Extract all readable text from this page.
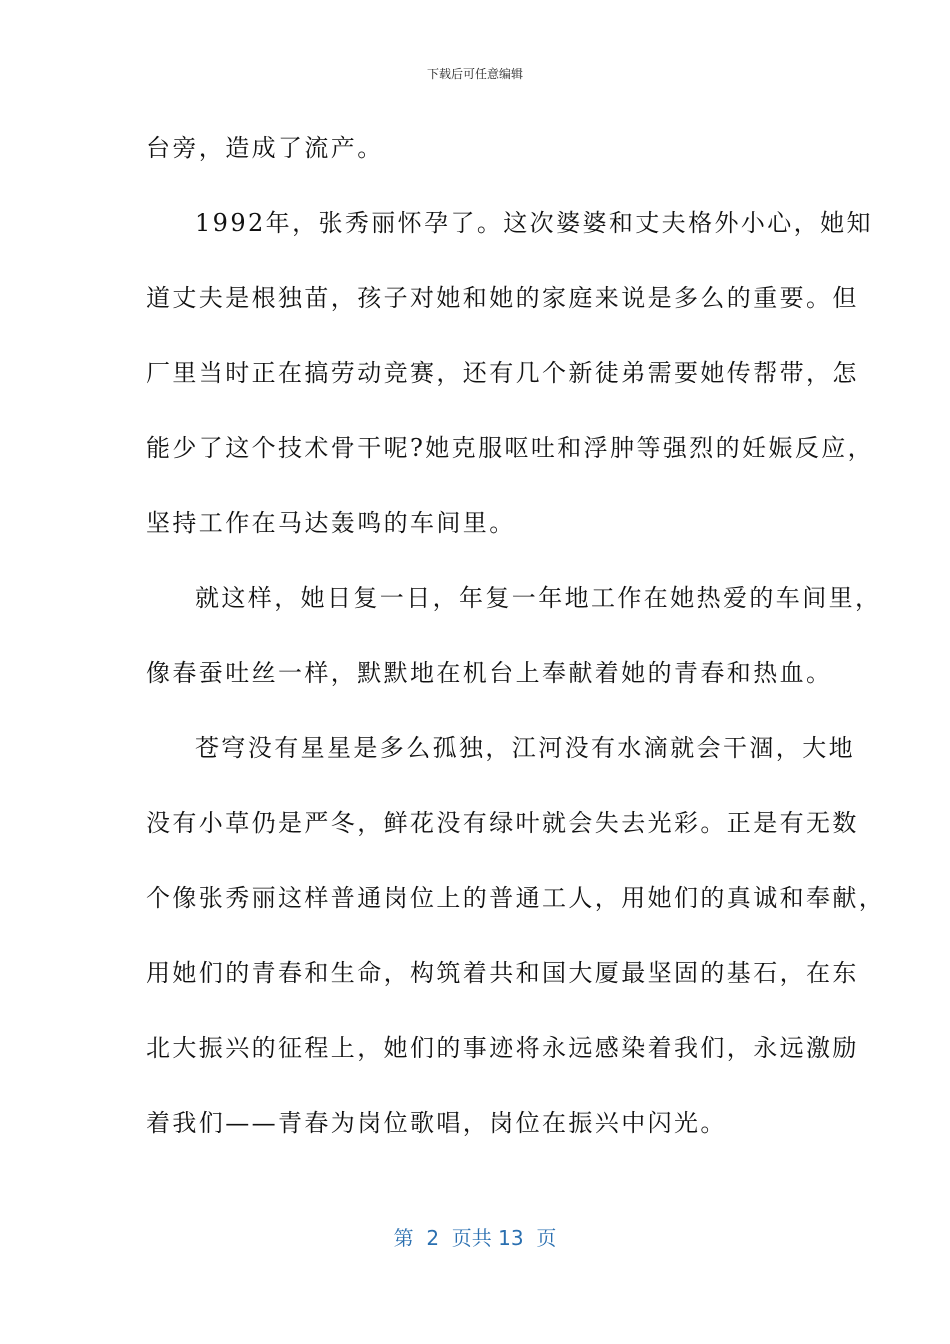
下载后可任意编辑
台旁，造成了流产。
1992年，张秀丽怀孕了。这次婆婆和丈夫格外小心，她知
道丈夫是根独苗，孩子对她和她的家庭来说是多么的重要。但
厂里当时正在搞劳动竞赛，还有几个新徒弟需要她传帮带，怎
能少了这个技术骨干呢?她克服呕吐和浮肿等强烈的妊娠反应，
坚持工作在马达轰鸣的车间里。
就这样，她日复一日，年复一年地工作在她热爱的车间里，
像春蚕吐丝一样，默默地在机台上奉献着她的青春和热血。
苍穹没有星星是多么孤独，江河没有水滴就会干涸，大地
没有小草仍是严冬，鲜花没有绿叶就会失去光彩。正是有无数
个像张秀丽这样普通岗位上的普通工人，用她们的真诚和奉献，
用她们的青春和生命，构筑着共和国大厦最坚固的基石，在东
北大振兴的征程上，她们的事迹将永远感染着我们，永远激励
着我们——青春为岗位歌唱，岗位在振兴中闪光。
第  2  页共 13  页
